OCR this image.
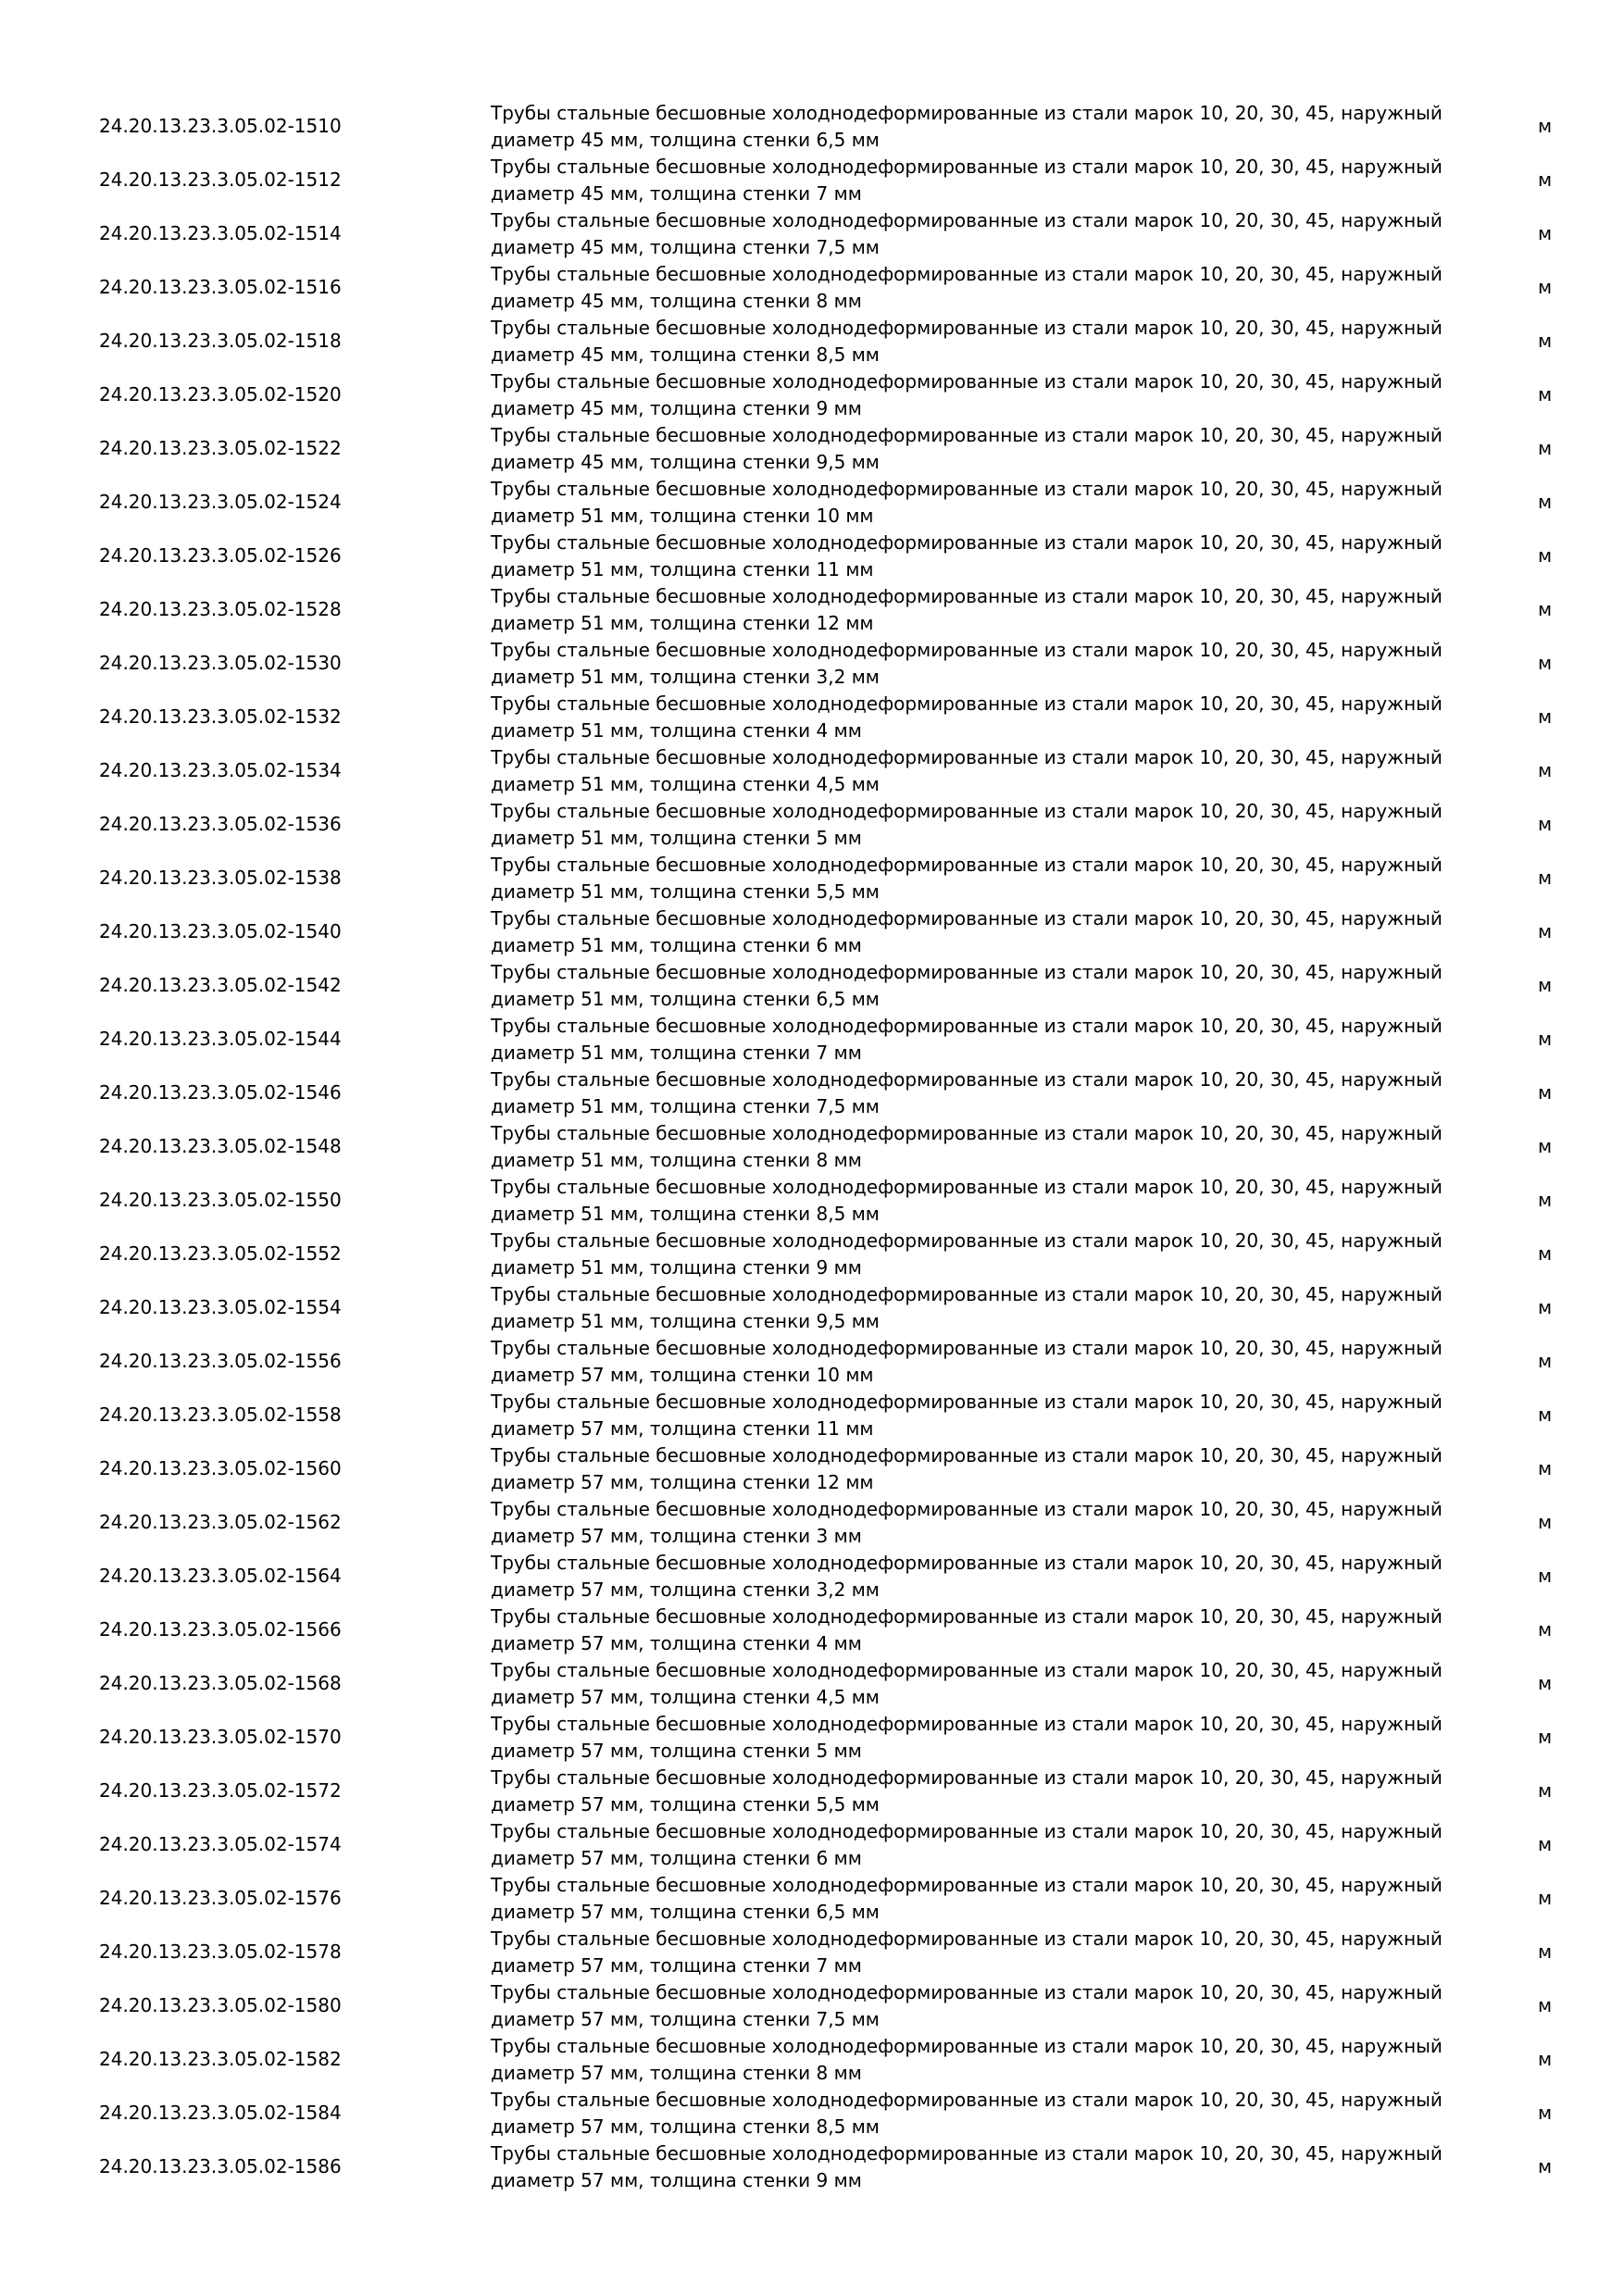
24.20.13.23.3.05.02-1510
Трубы стальные бесшовные холоднодеформированные из стали марок 10, 20, 30, 45, наружный
диаметр 45 мм, толщина стенки 6,5 мм
м
24.20.13.23.3.05.02-1512
Трубы стальные бесшовные холоднодеформированные из стали марок 10, 20, 30, 45, наружный
диаметр 45 мм, толщина стенки 7 мм
м
24.20.13.23.3.05.02-1514
Трубы стальные бесшовные холоднодеформированные из стали марок 10, 20, 30, 45, наружный
диаметр 45 мм, толщина стенки 7,5 мм
м
24.20.13.23.3.05.02-1516
Трубы стальные бесшовные холоднодеформированные из стали марок 10, 20, 30, 45, наружный
диаметр 45 мм, толщина стенки 8 мм
м
24.20.13.23.3.05.02-1518
Трубы стальные бесшовные холоднодеформированные из стали марок 10, 20, 30, 45, наружный
диаметр 45 мм, толщина стенки 8,5 мм
м
24.20.13.23.3.05.02-1520
Трубы стальные бесшовные холоднодеформированные из стали марок 10, 20, 30, 45, наружный
диаметр 45 мм, толщина стенки 9 мм
м
24.20.13.23.3.05.02-1522
Трубы стальные бесшовные холоднодеформированные из стали марок 10, 20, 30, 45, наружный
диаметр 45 мм, толщина стенки 9,5 мм
м
24.20.13.23.3.05.02-1524
Трубы стальные бесшовные холоднодеформированные из стали марок 10, 20, 30, 45, наружный
диаметр 51 мм, толщина стенки 10 мм
м
24.20.13.23.3.05.02-1526
Трубы стальные бесшовные холоднодеформированные из стали марок 10, 20, 30, 45, наружный
диаметр 51 мм, толщина стенки 11 мм
м
24.20.13.23.3.05.02-1528
Трубы стальные бесшовные холоднодеформированные из стали марок 10, 20, 30, 45, наружный
диаметр 51 мм, толщина стенки 12 мм
м
24.20.13.23.3.05.02-1530
Трубы стальные бесшовные холоднодеформированные из стали марок 10, 20, 30, 45, наружный
диаметр 51 мм, толщина стенки 3,2 мм
м
24.20.13.23.3.05.02-1532
Трубы стальные бесшовные холоднодеформированные из стали марок 10, 20, 30, 45, наружный
диаметр 51 мм, толщина стенки 4 мм
м
24.20.13.23.3.05.02-1534
Трубы стальные бесшовные холоднодеформированные из стали марок 10, 20, 30, 45, наружный
диаметр 51 мм, толщина стенки 4,5 мм
м
24.20.13.23.3.05.02-1536
Трубы стальные бесшовные холоднодеформированные из стали марок 10, 20, 30, 45, наружный
диаметр 51 мм, толщина стенки 5 мм
м
24.20.13.23.3.05.02-1538
Трубы стальные бесшовные холоднодеформированные из стали марок 10, 20, 30, 45, наружный
диаметр 51 мм, толщина стенки 5,5 мм
м
24.20.13.23.3.05.02-1540
Трубы стальные бесшовные холоднодеформированные из стали марок 10, 20, 30, 45, наружный
диаметр 51 мм, толщина стенки 6 мм
м
24.20.13.23.3.05.02-1542
Трубы стальные бесшовные холоднодеформированные из стали марок 10, 20, 30, 45, наружный
диаметр 51 мм, толщина стенки 6,5 мм
м
24.20.13.23.3.05.02-1544
Трубы стальные бесшовные холоднодеформированные из стали марок 10, 20, 30, 45, наружный
диаметр 51 мм, толщина стенки 7 мм
м
24.20.13.23.3.05.02-1546
Трубы стальные бесшовные холоднодеформированные из стали марок 10, 20, 30, 45, наружный
диаметр 51 мм, толщина стенки 7,5 мм
м
24.20.13.23.3.05.02-1548
Трубы стальные бесшовные холоднодеформированные из стали марок 10, 20, 30, 45, наружный
диаметр 51 мм, толщина стенки 8 мм
м
24.20.13.23.3.05.02-1550
Трубы стальные бесшовные холоднодеформированные из стали марок 10, 20, 30, 45, наружный
диаметр 51 мм, толщина стенки 8,5 мм
м
24.20.13.23.3.05.02-1552
Трубы стальные бесшовные холоднодеформированные из стали марок 10, 20, 30, 45, наружный
диаметр 51 мм, толщина стенки 9 мм
м
24.20.13.23.3.05.02-1554
Трубы стальные бесшовные холоднодеформированные из стали марок 10, 20, 30, 45, наружный
диаметр 51 мм, толщина стенки 9,5 мм
м
24.20.13.23.3.05.02-1556
Трубы стальные бесшовные холоднодеформированные из стали марок 10, 20, 30, 45, наружный
диаметр 57 мм, толщина стенки 10 мм
м
24.20.13.23.3.05.02-1558
Трубы стальные бесшовные холоднодеформированные из стали марок 10, 20, 30, 45, наружный
диаметр 57 мм, толщина стенки 11 мм
м
24.20.13.23.3.05.02-1560
Трубы стальные бесшовные холоднодеформированные из стали марок 10, 20, 30, 45, наружный
диаметр 57 мм, толщина стенки 12 мм
м
24.20.13.23.3.05.02-1562
Трубы стальные бесшовные холоднодеформированные из стали марок 10, 20, 30, 45, наружный
диаметр 57 мм, толщина стенки 3 мм
м
24.20.13.23.3.05.02-1564
Трубы стальные бесшовные холоднодеформированные из стали марок 10, 20, 30, 45, наружный
диаметр 57 мм, толщина стенки 3,2 мм
м
24.20.13.23.3.05.02-1566
Трубы стальные бесшовные холоднодеформированные из стали марок 10, 20, 30, 45, наружный
диаметр 57 мм, толщина стенки 4 мм
м
24.20.13.23.3.05.02-1568
Трубы стальные бесшовные холоднодеформированные из стали марок 10, 20, 30, 45, наружный
диаметр 57 мм, толщина стенки 4,5 мм
м
24.20.13.23.3.05.02-1570
Трубы стальные бесшовные холоднодеформированные из стали марок 10, 20, 30, 45, наружный
диаметр 57 мм, толщина стенки 5 мм
м
24.20.13.23.3.05.02-1572
Трубы стальные бесшовные холоднодеформированные из стали марок 10, 20, 30, 45, наружный
диаметр 57 мм, толщина стенки 5,5 мм
м
24.20.13.23.3.05.02-1574
Трубы стальные бесшовные холоднодеформированные из стали марок 10, 20, 30, 45, наружный
диаметр 57 мм, толщина стенки 6 мм
м
24.20.13.23.3.05.02-1576
Трубы стальные бесшовные холоднодеформированные из стали марок 10, 20, 30, 45, наружный
диаметр 57 мм, толщина стенки 6,5 мм
м
24.20.13.23.3.05.02-1578
Трубы стальные бесшовные холоднодеформированные из стали марок 10, 20, 30, 45, наружный
диаметр 57 мм, толщина стенки 7 мм
м
24.20.13.23.3.05.02-1580
Трубы стальные бесшовные холоднодеформированные из стали марок 10, 20, 30, 45, наружный
диаметр 57 мм, толщина стенки 7,5 мм
м
24.20.13.23.3.05.02-1582
Трубы стальные бесшовные холоднодеформированные из стали марок 10, 20, 30, 45, наружный
диаметр 57 мм, толщина стенки 8 мм
м
24.20.13.23.3.05.02-1584
Трубы стальные бесшовные холоднодеформированные из стали марок 10, 20, 30, 45, наружный
диаметр 57 мм, толщина стенки 8,5 мм
м
24.20.13.23.3.05.02-1586
Трубы стальные бесшовные холоднодеформированные из стали марок 10, 20, 30, 45, наружный
диаметр 57 мм, толщина стенки 9 мм
м
